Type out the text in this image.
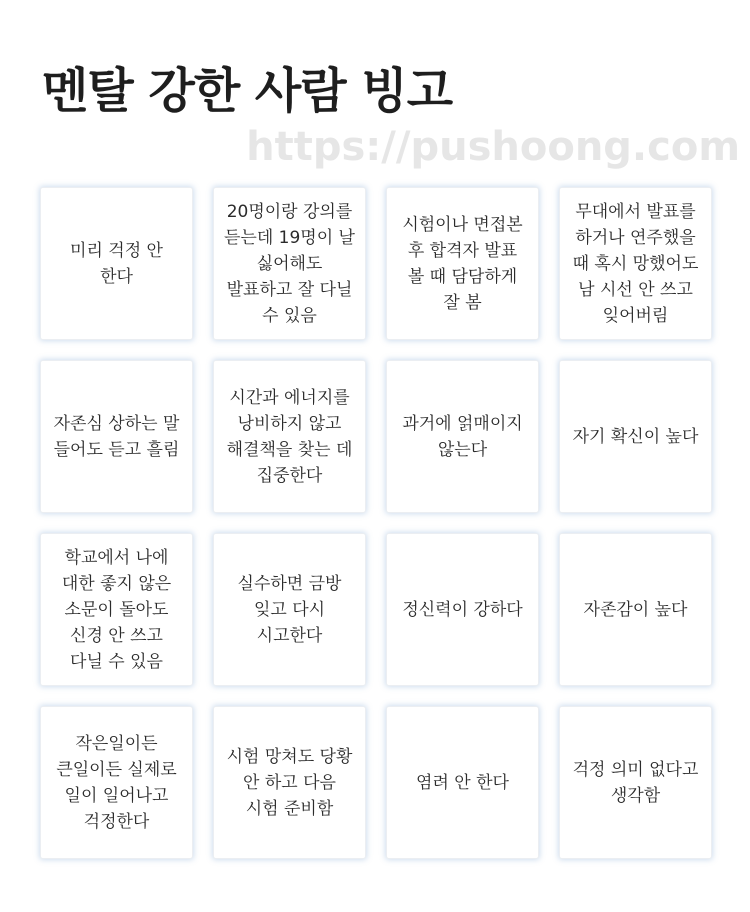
멘탈 강한 사람 빙고
https://pushoong.com
미리 걱정 안 한다
20명이랑 강의를 듣는데 19명이 날 싫어해도 발표하고 잘 다닐 수 있음
시험이나 면접본 후 합격자 발표 볼 때 담담하게 잘 봄
무대에서 발표를 하거나 연주했을 때 혹시 망했어도 남 시선 안 쓰고 잊어버림
자존심 상하는 말 들어도 듣고 흘림
시간과 에너지를 낭비하지 않고 해결책을 찾는 데 집중한다
과거에 얽매이지 않는다
자기 확신이 높다
학교에서 나에 대한 좋지 않은 소문이 돌아도 신경 안 쓰고 다닐 수 있음
실수하면 금방 잊고 다시 시고한다
정신력이 강하다	자존감이 높다
작은일이든 큰일이든 실제로 일이 일어나고 걱정한다
시험 망쳐도 당황 안 하고 다음 시험 준비함
염려 안 한다
걱정 의미 없다고 생각함
